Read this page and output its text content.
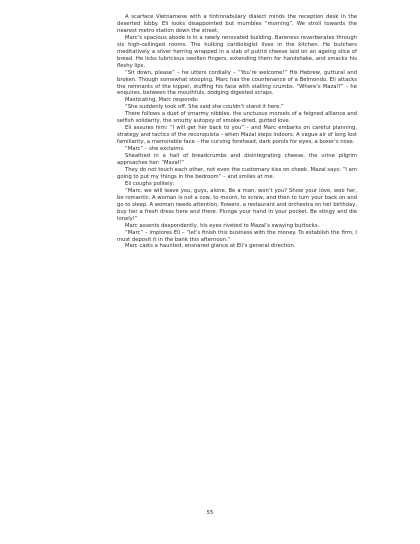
A scarface Vietnamese with a tintinnabulary dialect minds the reception desk in the deserted lobby. Eli looks disappointed but mumbles “morning”. We stroll towards the nearest metro station down the street.

Marc’s spacious abode is in a newly renovated building. Bareness reverberates through six high-ceilinged rooms. The hulking cardiologist lives in the kitchen. He butchers meditatively a silver herring wrapped in a slab of putrid cheese laid on an ageing slice of bread. He licks lubricious swollen fingers, extending them for handshake, and smacks his fleshy lips.

“Sit down, please” – he utters cordially – “You’re welcome!” His Hebrew, guttural and broken. Though somewhat stooping, Marc has the countenance of a Belmondo. Eli attacks the remnants of the kipper, stuffing his face with stalling crumbs. “Where’s Mazal?” – he enquires, between the mouthfuls, dodging digested scraps.

Masticating, Marc responds:

“She suddenly took off. She said she couldn’t stand it here.”

There follows a duet of smarmy nibbles, the unctuous morsels of a feigned alliance and selfish solidarity, the smutty autopsy of smoke-dried, gutted love.

Eli assures him: “I will get her back to you” – and Marc embarks on careful planning, strategy and tactics of the reconquista – when Mazal steps indoors. A vague air of long lost familiarity, a memorable face – the curving forehead, dark ponds for eyes, a boxer’s nose.

“Marc” – she exclaims.

Sheathed in a hail of breadcrumbs and disintegrating cheese, the urine pilgrim approaches her: “Mazal!”

They do not touch each other, not even the customary kiss on cheek. Mazal says: “I am going to put my things in the bedroom” – and smiles at me.

Eli coughs politely:

“Marc, we will leave you, guys, alone. Be a man, won’t you? Show your love, woo her, be romantic. A woman is not a cow, to mount, to screw, and then to turn your back on and go to sleep. A woman needs attention, flowers, a restaurant and orchestra on her birthday, buy her a fresh dress here and there. Plunge your hand in your pocket. Be stingy and die lonely!”

Marc assents despondently, his eyes riveted to Mazal’s swaying buttocks.

“Marc” – implores Eli – “let’s finish this business with the money. To establish the firm, I must deposit it in the bank this afternoon.”

Marc casts a haunted, ensnared glance at Eli’s general direction.

55
